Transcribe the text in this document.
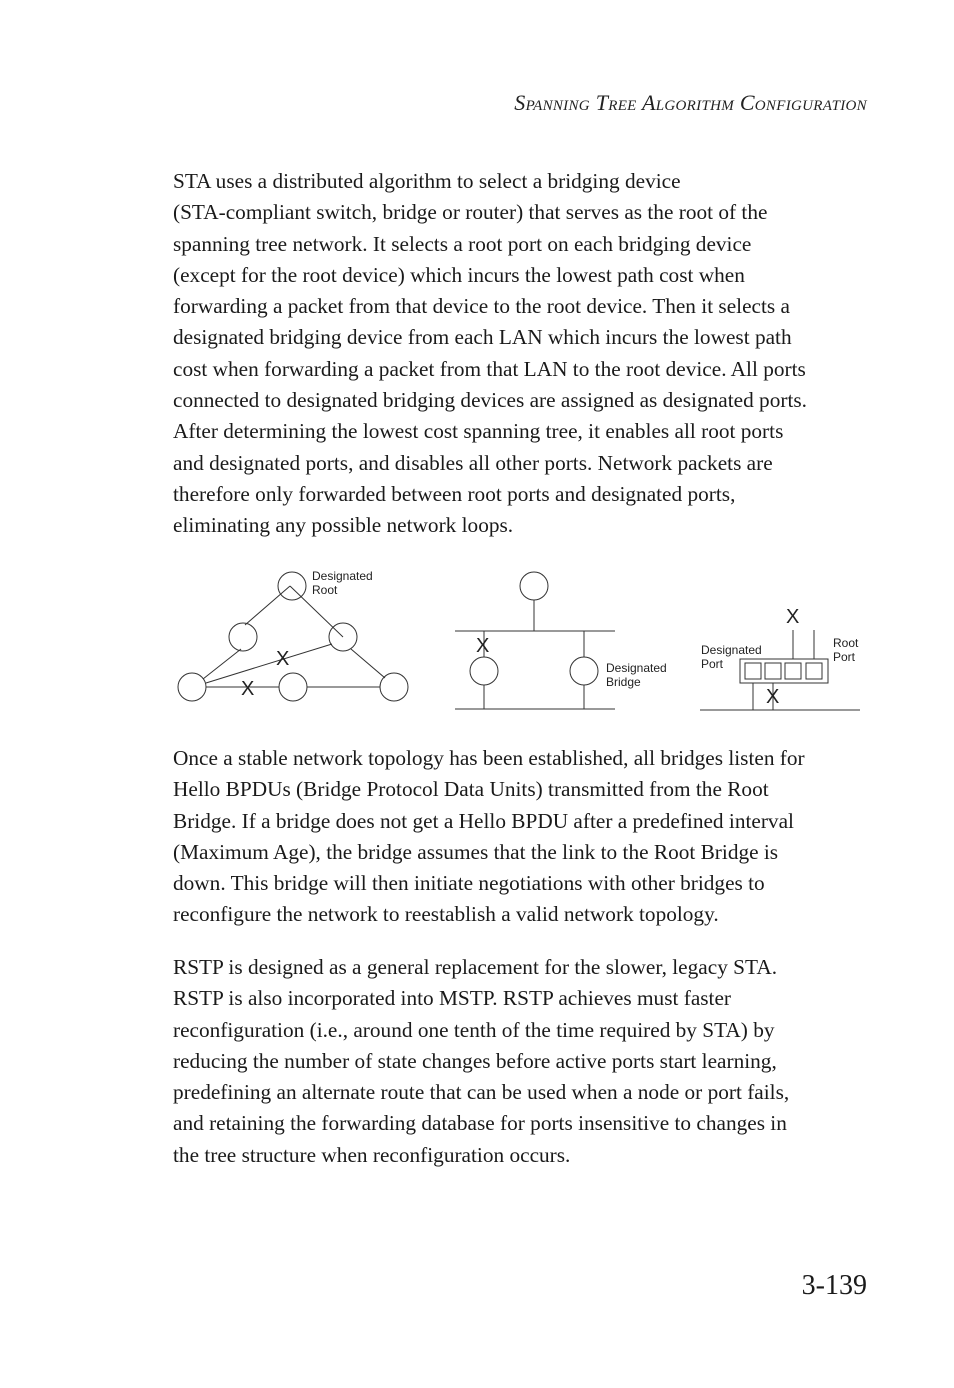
Spanning Tree Algorithm Configuration

STA uses a distributed algorithm to select a bridging device
(STA-compliant switch, bridge or router) that serves as the root of the
spanning tree network. It selects a root port on each bridging device
(except for the root device) which incurs the lowest path cost when
forwarding a packet from that device to the root device. Then it selects a
designated bridging device from each LAN which incurs the lowest path
cost when forwarding a packet from that LAN to the root device. All ports
connected to designated bridging devices are assigned as designated ports.
After determining the lowest cost spanning tree, it enables all root ports
and designated ports, and disables all other ports. Network packets are
therefore only forwarded between root ports and designated ports,
eliminating any possible network loops.

Designated
Root
X
X
Designated
Bridge
X	Designated
Port
Root
Port
X
X

Once a stable network topology has been established, all bridges listen for
Hello BPDUs (Bridge Protocol Data Units) transmitted from the Root
Bridge. If a bridge does not get a Hello BPDU after a predefined interval
(Maximum Age), the bridge assumes that the link to the Root Bridge is
down. This bridge will then initiate negotiations with other bridges to
reconfigure the network to reestablish a valid network topology.

RSTP is designed as a general replacement for the slower, legacy STA.
RSTP is also incorporated into MSTP. RSTP achieves must faster
reconfiguration (i.e., around one tenth of the time required by STA) by
reducing the number of state changes before active ports start learning,
predefining an alternate route that can be used when a node or port fails,
and retaining the forwarding database for ports insensitive to changes in
the tree structure when reconfiguration occurs.

3-139
